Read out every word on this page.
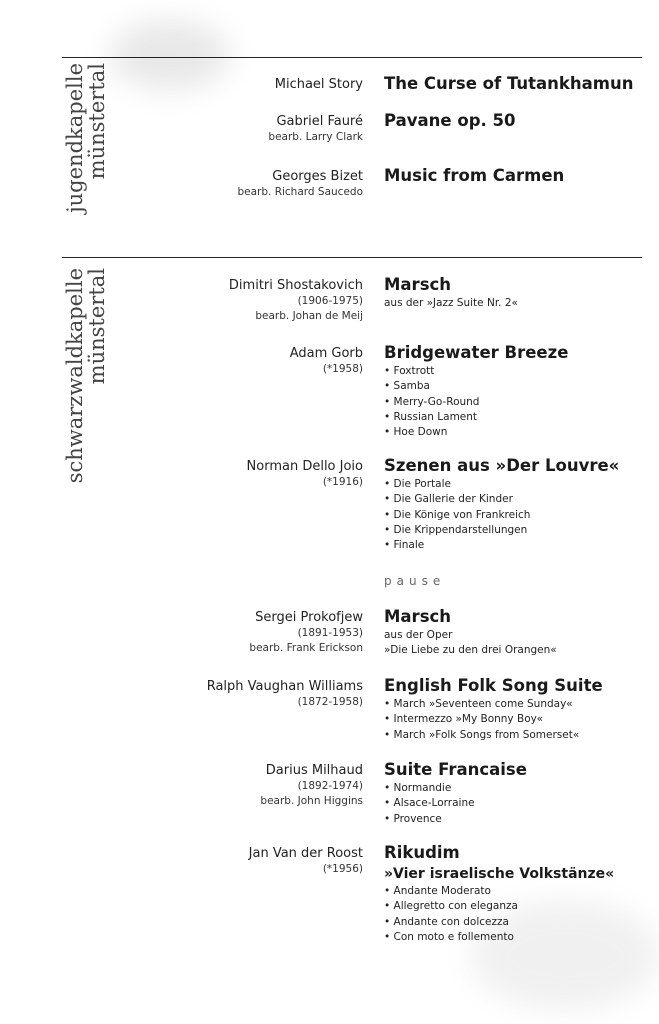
jugendkapelle
münstertal
schwarzwaldkapelle
münstertal
Michael Story The Curse of Tutankhamun
Gabriel Fauré
bearb. Larry Clark
Pavane op. 50
Georges Bizet
bearb. Richard Saucedo
Music from Carmen
Dimitri Shostakovich
(1906-1975)
bearb. Johan de Meij
Marsch
aus der »Jazz Suite Nr. 2«
Adam Gorb
(*1958)
Bridgewater Breeze
• Foxtrott
• Samba
• Merry-Go-Round
• Russian Lament
• Hoe Down
Norman Dello Joio
(*1916)
Szenen aus »Der Louvre«
• Die Portale
• Die Gallerie der Kinder
• Die Könige von Frankreich
• Die Krippendarstellungen
• Finale
Sergei Prokofjew
(1891-1953)
bearb. Frank Erickson
Marsch
aus der Oper
»Die Liebe zu den drei Orangen«
Ralph Vaughan Williams
(1872-1958)
English Folk Song Suite
• March »Seventeen come Sunday«
• Intermezzo »My Bonny Boy«
• March »Folk Songs from Somerset«
Darius Milhaud
(1892-1974)
bearb. John Higgins
Suite Francaise
• Normandie
• Alsace-Lorraine
• Provence
Jan Van der Roost
(*1956)
Rikudim
»Vier israelische Volkstänze«
• Andante Moderato
• Allegretto con eleganza
• Andante con dolcezza
• Con moto e follemento
pause
